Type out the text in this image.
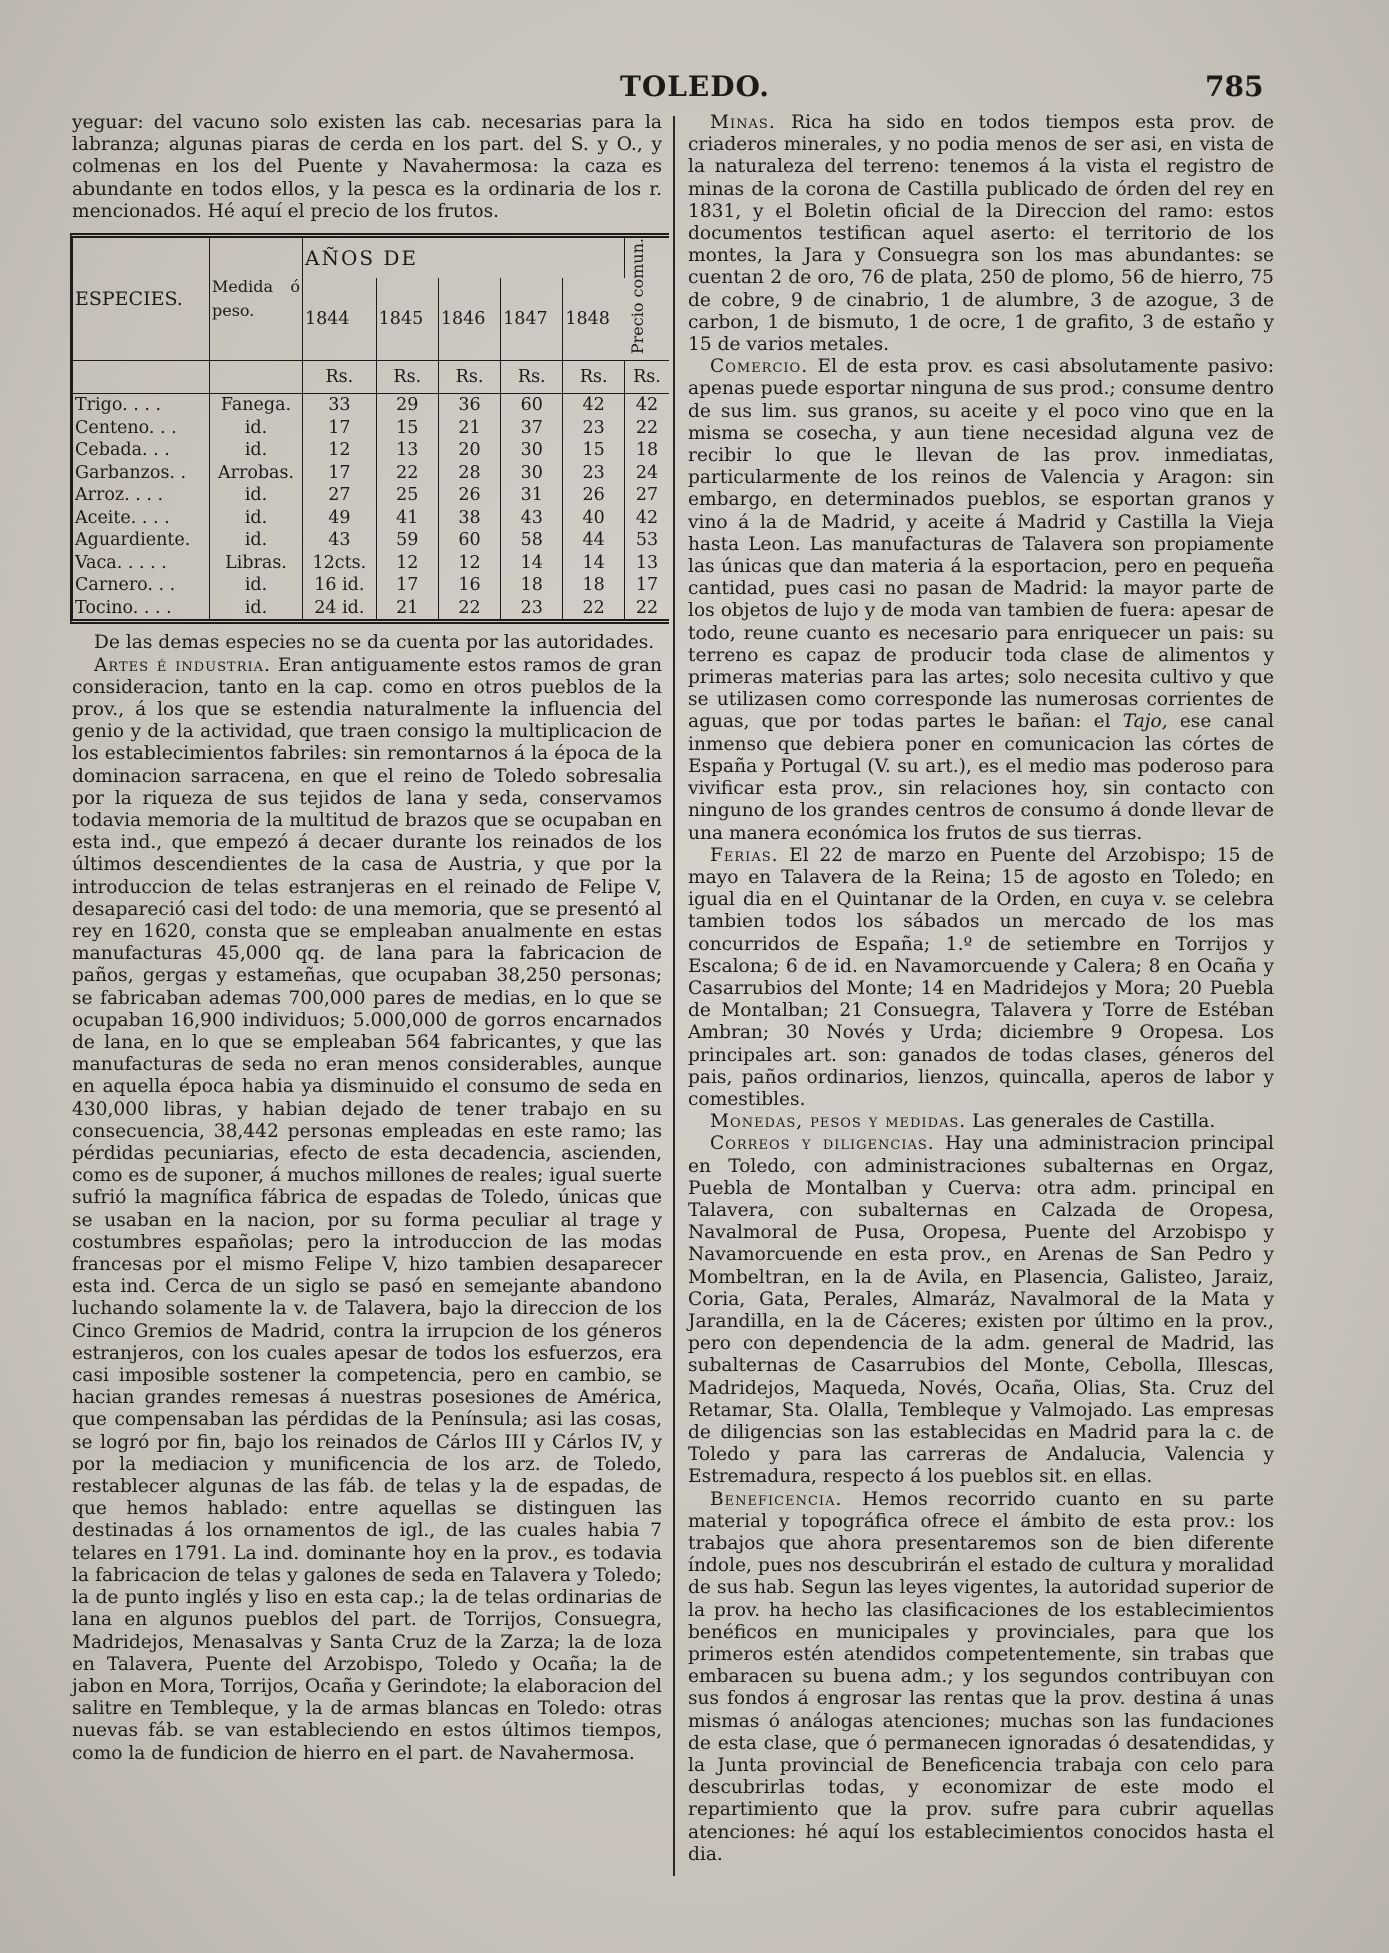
TOLEDO.	785

yeguar: del vacuno solo existen las cab. necesarias para la labranza; algunas piaras de cerda en los part. del S. y O., y colmenas en los del Puente y Navahermosa: la caza es abundante en todos ellos, y la pesca es la ordinaria de los r. mencionados. Hé aquí el precio de los frutos.

ESPECIES.	Medida ó peso.	AÑOS DE					Precio comun.
		1844	1845	1846	1847	1848	
		Rs.	Rs.	Rs.	Rs.	Rs.	Rs.
Trigo. . . .	Fanega.	33	29	36	60	42	42
Centeno. . .	id.	17	15	21	37	23	22
Cebada. . .	id.	12	13	20	30	15	18
Garbanzos. .	Arrobas.	17	22	28	30	23	24
Arroz. . . .	id.	27	25	26	31	26	27
Aceite. . . .	id.	49	41	38	43	40	42
Aguardiente.	id.	43	59	60	58	44	53
Vaca. . . . .	Libras.	12cts.	12	12	14	14	13
Carnero. . .	id.	16 id.	17	16	18	18	17
Tocino. . . .	id.	24 id.	21	22	23	22	22

De las demas especies no se da cuenta por las autoridades.

Artes é industria. Eran antiguamente estos ramos de gran consideracion, tanto en la cap. como en otros pueblos de la prov., á los que se estendia naturalmente la influencia del genio y de la actividad, que traen consigo la multiplicacion de los establecimientos fabriles: sin remontarnos á la época de la dominacion sarracena, en que el reino de Toledo sobresalia por la riqueza de sus tejidos de lana y seda, conservamos todavia memoria de la multitud de brazos que se ocupaban en esta ind., que empezó á decaer durante los reinados de los últimos descendientes de la casa de Austria, y que por la introduccion de telas estranjeras en el reinado de Felipe V, desapareció casi del todo: de una memoria, que se presentó al rey en 1620, consta que se empleaban anualmente en estas manufacturas 45,000 qq. de lana para la fabricacion de paños, gergas y estameñas, que ocupaban 38,250 personas; se fabricaban ademas 700,000 pares de medias, en lo que se ocupaban 16,900 individuos; 5.000,000 de gorros encarnados de lana, en lo que se empleaban 564 fabricantes, y que las manufacturas de seda no eran menos considerables, aunque en aquella época habia ya disminuido el consumo de seda en 430,000 libras, y habian dejado de tener trabajo en su consecuencia, 38,442 personas empleadas en este ramo; las pérdidas pecuniarias, efecto de esta decadencia, ascienden, como es de suponer, á muchos millones de reales; igual suerte sufrió la magnífica fábrica de espadas de Toledo, únicas que se usaban en la nacion, por su forma peculiar al trage y costumbres españolas; pero la introduccion de las modas francesas por el mismo Felipe V, hizo tambien desaparecer esta ind. Cerca de un siglo se pasó en semejante abandono luchando solamente la v. de Talavera, bajo la direccion de los Cinco Gremios de Madrid, contra la irrupcion de los géneros estranjeros, con los cuales apesar de todos los esfuerzos, era casi imposible sostener la competencia, pero en cambio, se hacian grandes remesas á nuestras posesiones de América, que compensaban las pérdidas de la Península; asi las cosas, se logró por fin, bajo los reinados de Cárlos III y Cárlos IV, y por la mediacion y munificencia de los arz. de Toledo, restablecer algunas de las fáb. de telas y la de espadas, de que hemos hablado: entre aquellas se distinguen las destinadas á los ornamentos de igl., de las cuales habia 7 telares en 1791. La ind. dominante hoy en la prov., es todavia la fabricacion de telas y galones de seda en Talavera y Toledo; la de punto inglés y liso en esta cap.; la de telas ordinarias de lana en algunos pueblos del part. de Torrijos, Consuegra, Madridejos, Menasalvas y Santa Cruz de la Zarza; la de loza en Talavera, Puente del Arzobispo, Toledo y Ocaña; la de jabon en Mora, Torrijos, Ocaña y Gerindote; la elaboracion del salitre en Tembleque, y la de armas blancas en Toledo: otras nuevas fáb. se van estableciendo en estos últimos tiempos, como la de fundicion de hierro en el part. de Navahermosa.

Minas. Rica ha sido en todos tiempos esta prov. de criaderos minerales, y no podia menos de ser asi, en vista de la naturaleza del terreno: tenemos á la vista el registro de minas de la corona de Castilla publicado de órden del rey en 1831, y el Boletin oficial de la Direccion del ramo: estos documentos testifican aquel aserto: el territorio de los montes, la Jara y Consuegra son los mas abundantes: se cuentan 2 de oro, 76 de plata, 250 de plomo, 56 de hierro, 75 de cobre, 9 de cinabrio, 1 de alumbre, 3 de azogue, 3 de carbon, 1 de bismuto, 1 de ocre, 1 de grafito, 3 de estaño y 15 de varios metales.

Comercio. El de esta prov. es casi absolutamente pasivo: apenas puede esportar ninguna de sus prod.; consume dentro de sus lim. sus granos, su aceite y el poco vino que en la misma se cosecha, y aun tiene necesidad alguna vez de recibir lo que le llevan de las prov. inmediatas, particularmente de los reinos de Valencia y Aragon: sin embargo, en determinados pueblos, se esportan granos y vino á la de Madrid, y aceite á Madrid y Castilla la Vieja hasta Leon. Las manufacturas de Talavera son propiamente las únicas que dan materia á la esportacion, pero en pequeña cantidad, pues casi no pasan de Madrid: la mayor parte de los objetos de lujo y de moda van tambien de fuera: apesar de todo, reune cuanto es necesario para enriquecer un pais: su terreno es capaz de producir toda clase de alimentos y primeras materias para las artes; solo necesita cultivo y que se utilizasen como corresponde las numerosas corrientes de aguas, que por todas partes le bañan: el Tajo, ese canal inmenso que debiera poner en comunicacion las córtes de España y Portugal (V. su art.), es el medio mas poderoso para vivificar esta prov., sin relaciones hoy, sin contacto con ninguno de los grandes centros de consumo á donde llevar de una manera económica los frutos de sus tierras.

Ferias. El 22 de marzo en Puente del Arzobispo; 15 de mayo en Talavera de la Reina; 15 de agosto en Toledo; en igual dia en el Quintanar de la Orden, en cuya v. se celebra tambien todos los sábados un mercado de los mas concurridos de España; 1.º de setiembre en Torrijos y Escalona; 6 de id. en Navamorcuende y Calera; 8 en Ocaña y Casarrubios del Monte; 14 en Madridejos y Mora; 20 Puebla de Montalban; 21 Consuegra, Talavera y Torre de Estéban Ambran; 30 Novés y Urda; diciembre 9 Oropesa. Los principales art. son: ganados de todas clases, géneros del pais, paños ordinarios, lienzos, quincalla, aperos de labor y comestibles.

Monedas, pesos y medidas. Las generales de Castilla.

Correos y diligencias. Hay una administracion principal en Toledo, con administraciones subalternas en Orgaz, Puebla de Montalban y Cuerva: otra adm. principal en Talavera, con subalternas en Calzada de Oropesa, Navalmoral de Pusa, Oropesa, Puente del Arzobispo y Navamorcuende en esta prov., en Arenas de San Pedro y Mombeltran, en la de Avila, en Plasencia, Galisteo, Jaraiz, Coria, Gata, Perales, Almaráz, Navalmoral de la Mata y Jarandilla, en la de Cáceres; existen por último en la prov., pero con dependencia de la adm. general de Madrid, las subalternas de Casarrubios del Monte, Cebolla, Illescas, Madridejos, Maqueda, Novés, Ocaña, Olias, Sta. Cruz del Retamar, Sta. Olalla, Tembleque y Valmojado. Las empresas de diligencias son las establecidas en Madrid para la c. de Toledo y para las carreras de Andalucia, Valencia y Estremadura, respecto á los pueblos sit. en ellas.

Beneficencia. Hemos recorrido cuanto en su parte material y topográfica ofrece el ámbito de esta prov.: los trabajos que ahora presentaremos son de bien diferente índole, pues nos descubrirán el estado de cultura y moralidad de sus hab. Segun las leyes vigentes, la autoridad superior de la prov. ha hecho las clasificaciones de los establecimientos benéficos en municipales y provinciales, para que los primeros estén atendidos competentemente, sin trabas que embaracen su buena adm.; y los segundos contribuyan con sus fondos á engrosar las rentas que la prov. destina á unas mismas ó análogas atenciones; muchas son las fundaciones de esta clase, que ó permanecen ignoradas ó desatendidas, y la Junta provincial de Beneficencia trabaja con celo para descubrirlas todas, y economizar de este modo el repartimiento que la prov. sufre para cubrir aquellas atenciones: hé aquí los establecimientos conocidos hasta el dia.
